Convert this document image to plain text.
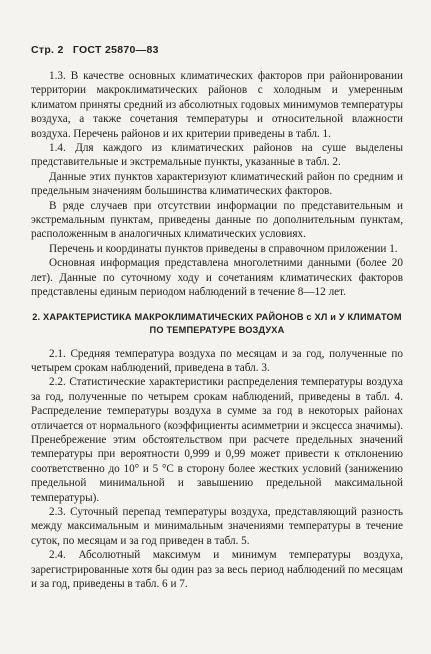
Стр. 2 ГОСТ 25870—83

1.3. В качестве основных климатических факторов при районировании территории макроклиматических районов с холодным и умеренным климатом приняты средний из абсолютных годовых минимумов температуры воздуха, а также сочетания температуры и относительной влажности воздуха. Перечень районов и их критерии приведены в табл. 1.

1.4. Для каждого из климатических районов на суше выделены представительные и экстремальные пункты, указанные в табл. 2.

Данные этих пунктов характеризуют климатический район по средним и предельным значениям большинства климатических факторов.

В ряде случаев при отсутствии информации по представительным и экстремальным пунктам, приведены данные по дополнительным пунктам, расположенным в аналогичных климатических условиях.

Перечень и координаты пунктов приведены в справочном приложении 1.

Основная информация представлена многолетними данными (более 20 лет). Данные по суточному ходу и сочетаниям климатических факторов представлены единым периодом наблюдений в течение 8—12 лет.

2. ХАРАКТЕРИСТИКА МАКРОКЛИМАТИЧЕСКИХ РАЙОНОВ с ХЛ и У КЛИМАТОМ ПО ТЕМПЕРАТУРЕ ВОЗДУХА

2.1. Средняя температура воздуха по месяцам и за год, полученные по четырем срокам наблюдений, приведена в табл. 3.

2.2. Статистические характеристики распределения температуры воздуха за год, полученные по четырем срокам наблюдений, приведены в табл. 4. Распределение температуры воздуха в сумме за год в некоторых районах отличается от нормального (коэффициенты асимметрии и эксцесса значимы). Пренебрежение этим обстоятельством при расчете предельных значений температуры при вероятности 0,999 и 0,99 может привести к отклонению соответственно до 10° и 5 °С в сторону более жестких условий (занижению предельной минимальной и завышению предельной максимальной температуры).

2.3. Суточный перепад температуры воздуха, представляющий разность между максимальным и минимальным значениями температуры в течение суток, по месяцам и за год приведен в табл. 5.

2.4. Абсолютный максимум и минимум температуры воздуха, зарегистрированные хотя бы один раз за весь период наблюдений по месяцам и за год, приведены в табл. 6 и 7.
